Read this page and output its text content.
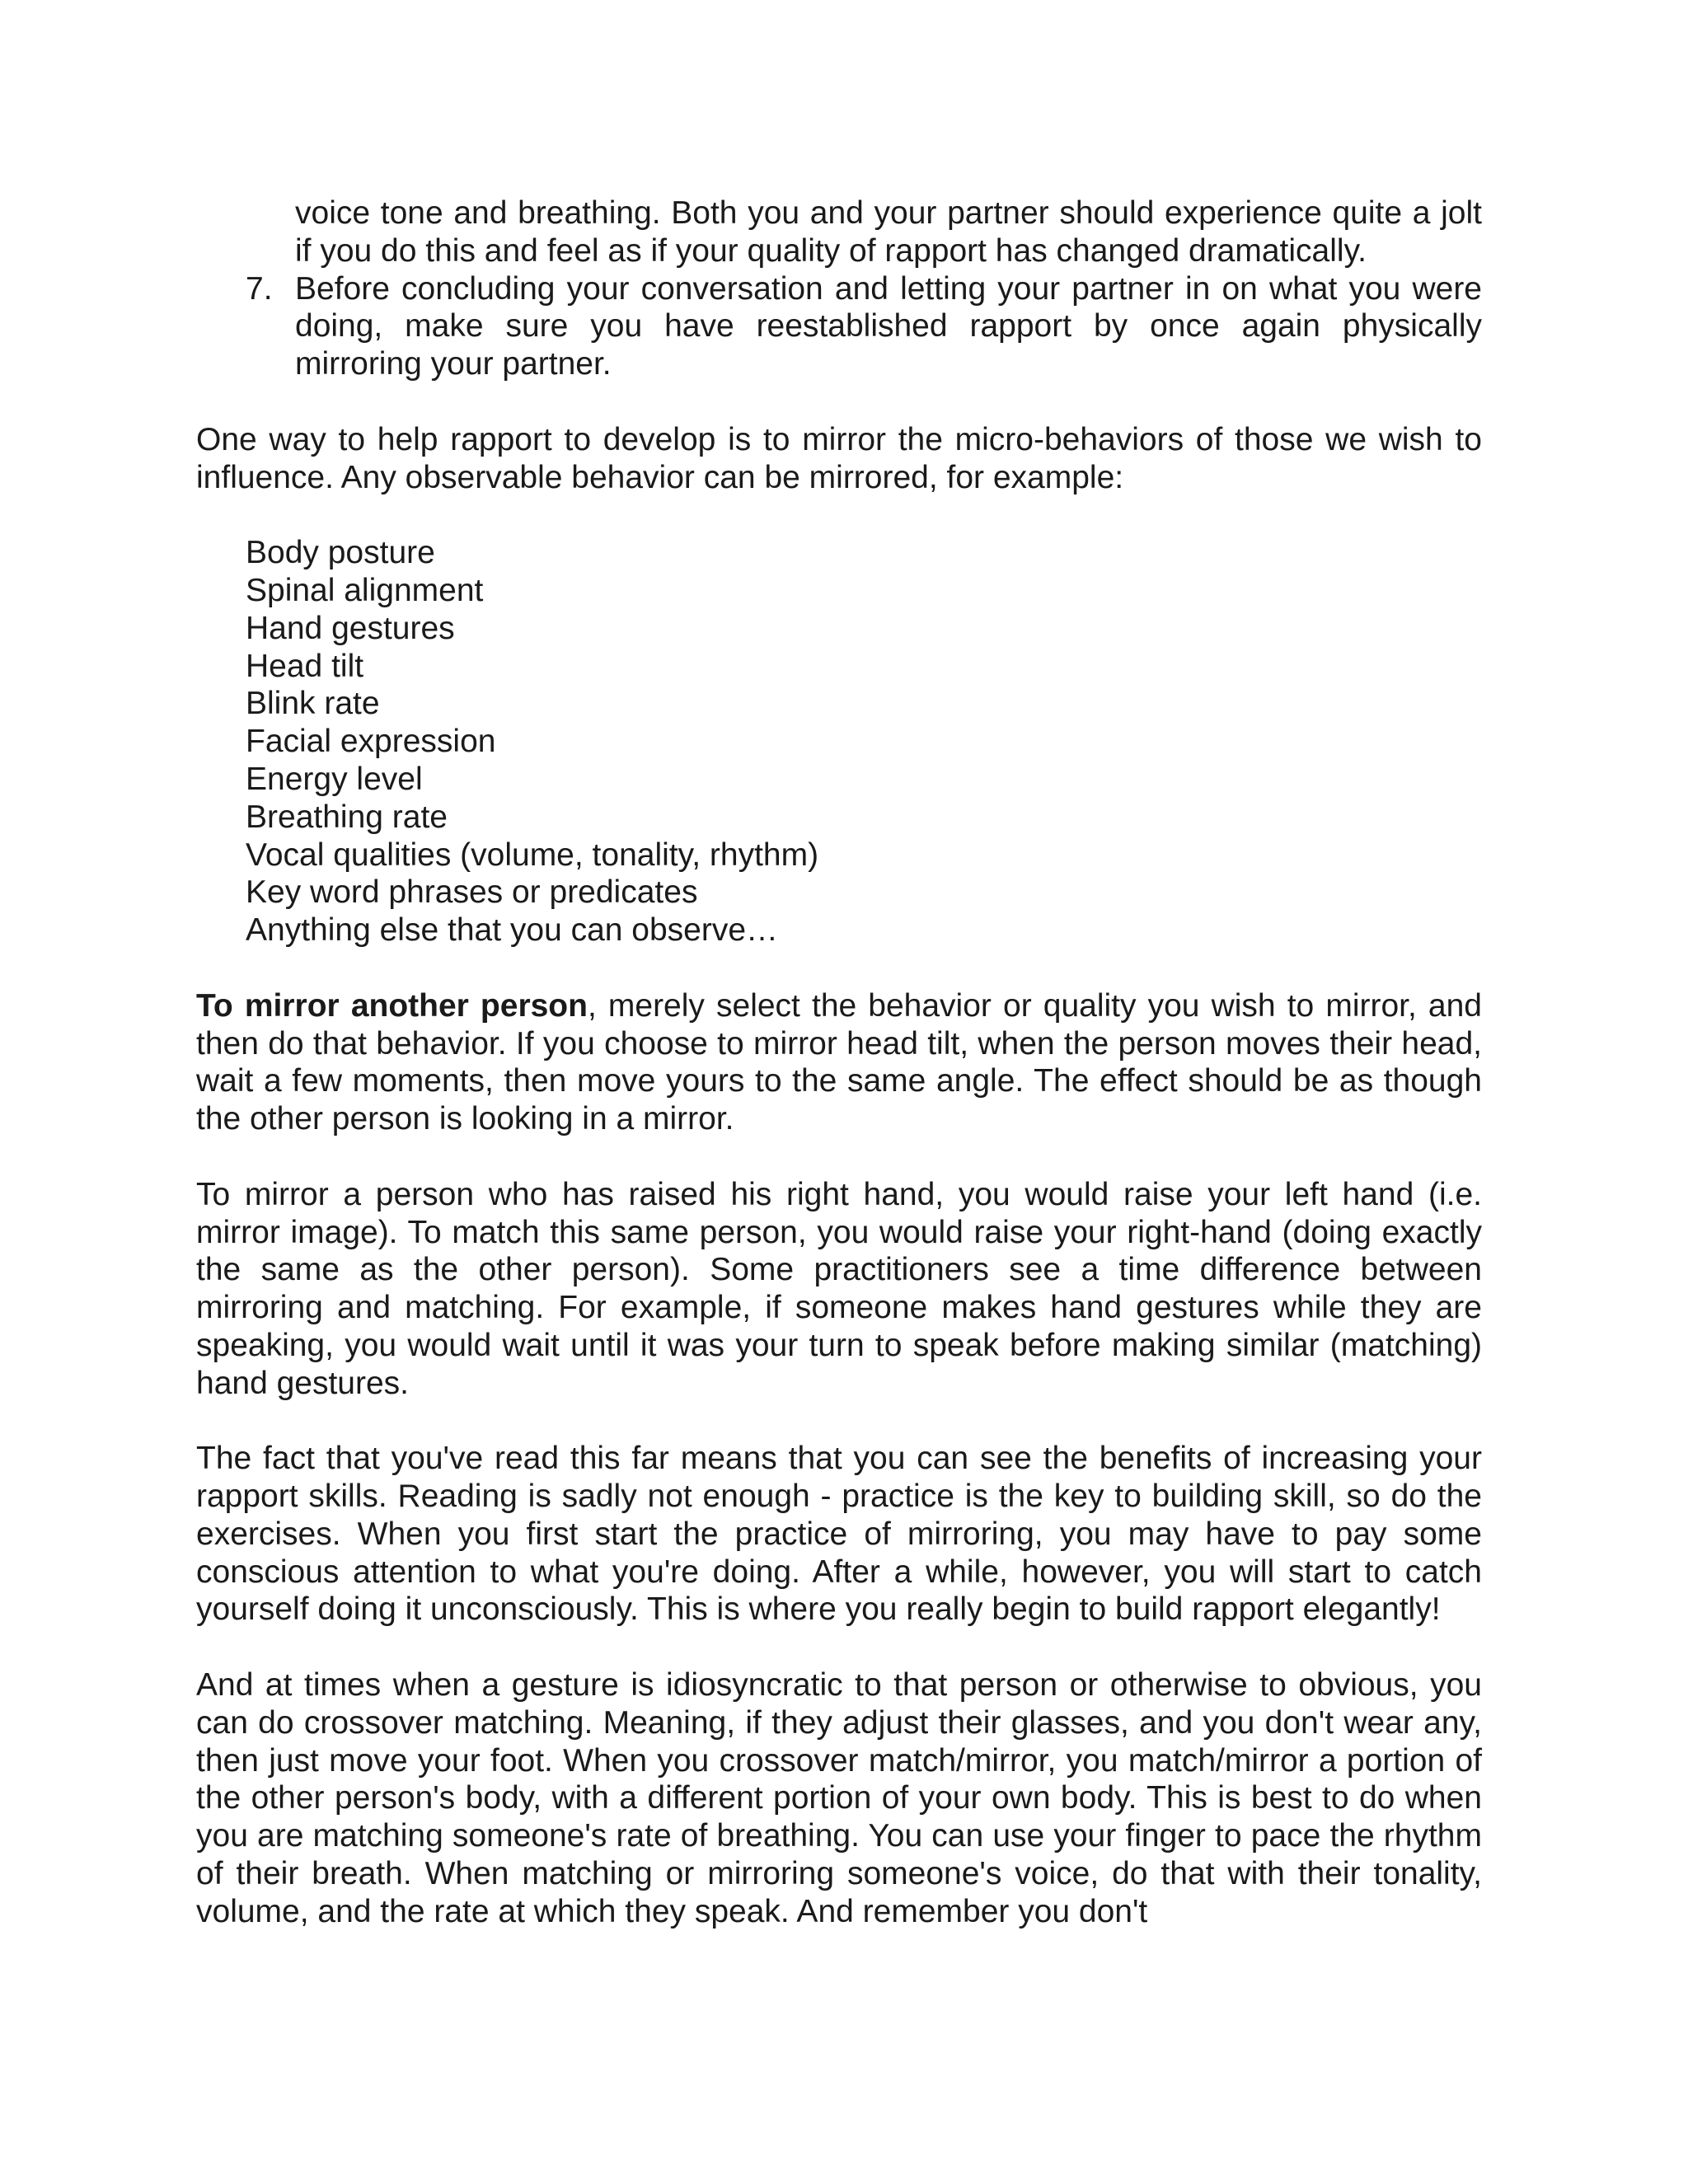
voice tone and breathing. Both you and your partner should experience quite a jolt if you do this and feel as if your quality of rapport has changed dramatically.
7. Before concluding your conversation and letting your partner in on what you were doing, make sure you have reestablished rapport by once again physically mirroring your partner.

One way to help rapport to develop is to mirror the micro-behaviors of those we wish to influence. Any observable behavior can be mirrored, for example:

Body posture
Spinal alignment
Hand gestures
Head tilt
Blink rate
Facial expression
Energy level
Breathing rate
Vocal qualities (volume, tonality, rhythm)
Key word phrases or predicates
Anything else that you can observe…

To mirror another person, merely select the behavior or quality you wish to mirror, and then do that behavior. If you choose to mirror head tilt, when the person moves their head, wait a few moments, then move yours to the same angle. The effect should be as though the other person is looking in a mirror.

To mirror a person who has raised his right hand, you would raise your left hand (i.e. mirror image). To match this same person, you would raise your right-hand (doing exactly the same as the other person). Some practitioners see a time difference between mirroring and matching. For example, if someone makes hand gestures while they are speaking, you would wait until it was your turn to speak before making similar (matching) hand gestures.

The fact that you've read this far means that you can see the benefits of increasing your rapport skills. Reading is sadly not enough - practice is the key to building skill, so do the exercises. When you first start the practice of mirroring, you may have to pay some conscious attention to what you're doing. After a while, however, you will start to catch yourself doing it unconsciously. This is where you really begin to build rapport elegantly!

And at times when a gesture is idiosyncratic to that person or otherwise to obvious, you can do crossover matching. Meaning, if they adjust their glasses, and you don't wear any, then just move your foot. When you crossover match/mirror, you match/mirror a portion of the other person's body, with a different portion of your own body. This is best to do when you are matching someone's rate of breathing. You can use your finger to pace the rhythm of their breath. When matching or mirroring someone's voice, do that with their tonality, volume, and the rate at which they speak. And remember you don't
